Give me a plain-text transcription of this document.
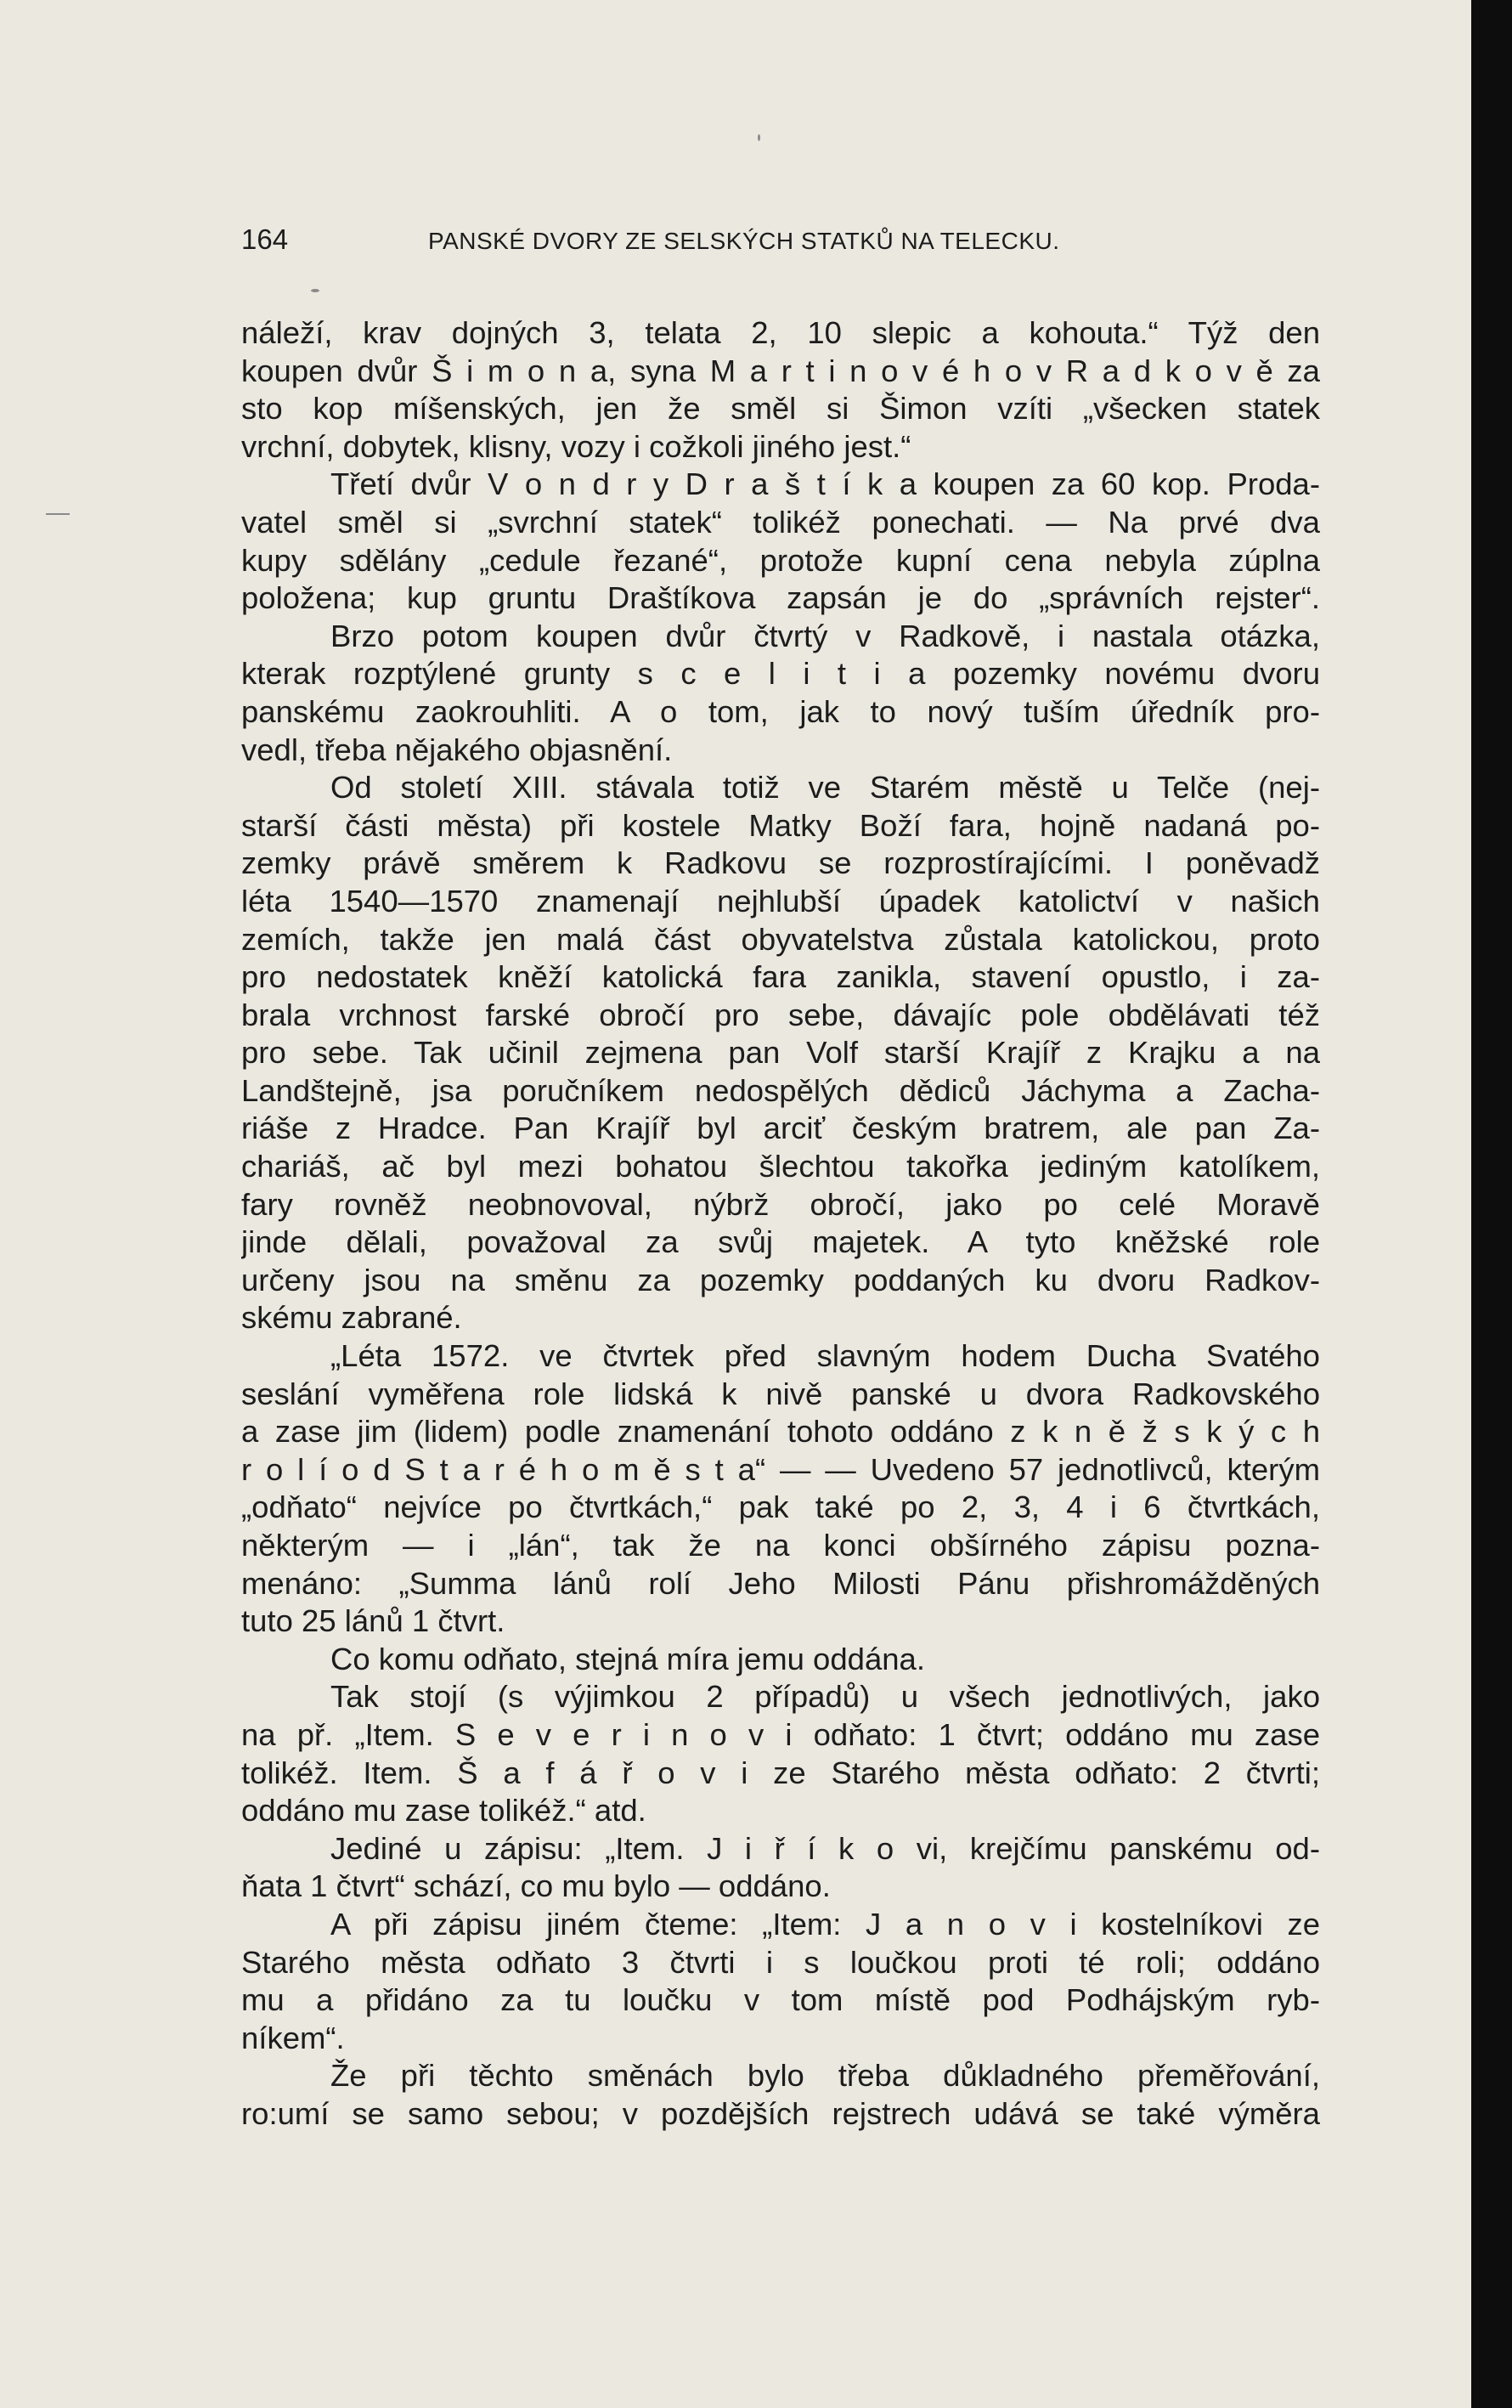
164	PANSKÉ DVORY ZE SELSKÝCH STATKŮ NA TELECKU.
náleží, krav dojných 3, telata 2, 10 slepic a kohouta.“ Týž den
koupen dvůr Š i m o n a, syna M a r t i n o v é h o v R a d k o v ě za
sto kop míšenských, jen že směl si Šimon vzíti „všecken statek
vrchní, dobytek, klisny, vozy i cožkoli jiného jest.“
Třetí dvůr V o n d r y D r a š t í k a koupen za 60 kop. Proda-
vatel směl si „svrchní statek“ tolikéž ponechati. — Na prvé dva
kupy sdělány „cedule řezané“, protože kupní cena nebyla zúplna
položena; kup gruntu Draštíkova zapsán je do „správních rejster“.
Brzo potom koupen dvůr čtvrtý v Radkově, i nastala otázka,
kterak rozptýlené grunty s c e l i t i a pozemky novému dvoru
panskému zaokrouhliti. A o tom, jak to nový tuším úředník pro-
vedl, třeba nějakého objasnění.
Od století XIII. stávala totiž ve Starém městě u Telče (nej-
starší části města) při kostele Matky Boží fara, hojně nadaná po-
zemky právě směrem k Radkovu se rozprostírajícími. I poněvadž
léta 1540—1570 znamenají nejhlubší úpadek katolictví v našich
zemích, takže jen malá část obyvatelstva zůstala katolickou, proto
pro nedostatek kněží katolická fara zanikla, stavení opustlo, i za-
brala vrchnost farské obročí pro sebe, dávajíc pole obdělávati též
pro sebe. Tak učinil zejmena pan Volf starší Krajíř z Krajku a na
Landštejně, jsa poručníkem nedospělých dědiců Jáchyma a Zacha-
riáše z Hradce. Pan Krajíř byl arciť českým bratrem, ale pan Za-
chariáš, ač byl mezi bohatou šlechtou takořka jediným katolíkem,
fary rovněž neobnovoval, nýbrž obročí, jako po celé Moravě
jinde dělali, považoval za svůj majetek. A tyto kněžské role
určeny jsou na směnu za pozemky poddaných ku dvoru Radkov-
skému zabrané.
„Léta 1572. ve čtvrtek před slavným hodem Ducha Svatého
seslání vyměřena role lidská k nivě panské u dvora Radkovského
a zase jim (lidem) podle znamenání tohoto oddáno z k n ě ž s k ý c h
r o l í o d S t a r é h o m ě s t a“ — — Uvedeno 57 jednotlivců, kterým
„odňato“ nejvíce po čtvrtkách,“ pak také po 2, 3, 4 i 6 čtvrtkách,
některým — i „lán“, tak že na konci obšírného zápisu pozna-
menáno: „Summa lánů rolí Jeho Milosti Pánu přishromážděných
tuto 25 lánů 1 čtvrt.
Co komu odňato, stejná míra jemu oddána.
Tak stojí (s výjimkou 2 případů) u všech jednotlivých, jako
na př. „Item. S e v e r i n o v i odňato: 1 čtvrt; oddáno mu zase
tolikéž. Item. Š a f á ř o v i ze Starého města odňato: 2 čtvrti;
oddáno mu zase tolikéž.“ atd.
Jediné u zápisu: „Item. J i ř í k o vi, krejčímu panskému od-
ňata 1 čtvrt“ schází, co mu bylo — oddáno.
A při zápisu jiném čteme: „Item: J a n o v i kostelníkovi ze
Starého města odňato 3 čtvrti i s loučkou proti té roli; oddáno
mu a přidáno za tu loučku v tom místě pod Podhájským ryb-
níkem“.
Že při těchto směnách bylo třeba důkladného přeměřování,
ro:umí se samo sebou; v pozdějších rejstrech udává se také výměra
